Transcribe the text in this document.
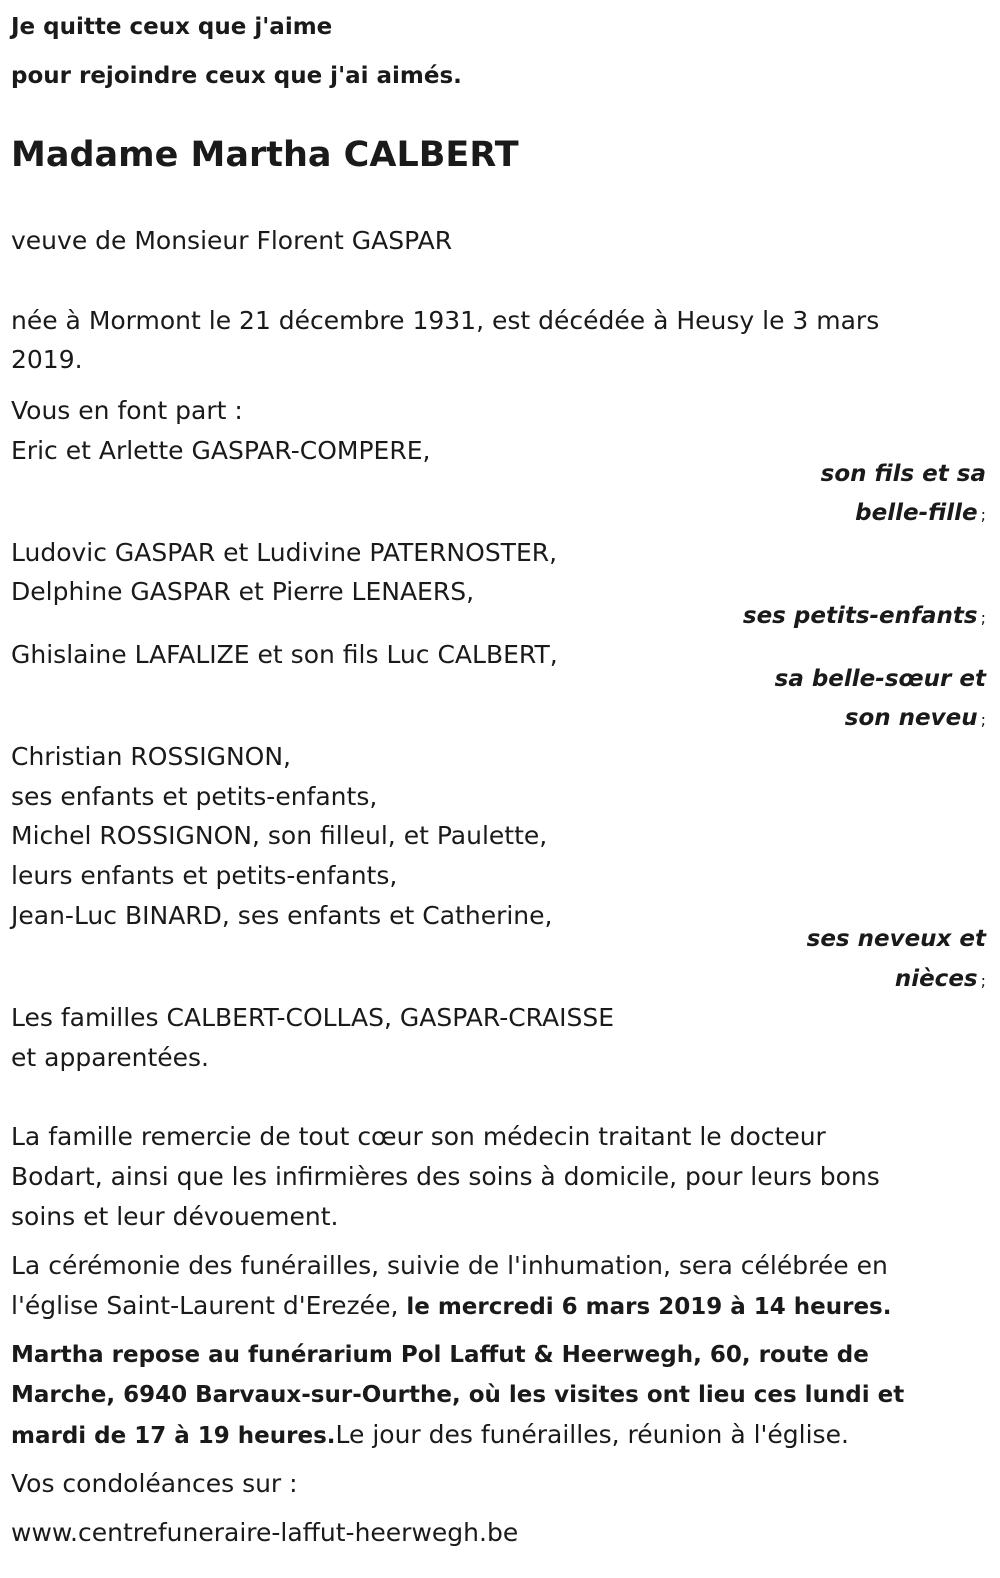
Je quitte ceux que j'aime
pour rejoindre ceux que j'ai aimés.
Madame Martha CALBERT
veuve de Monsieur Florent GASPAR
née à Mormont le 21 décembre 1931, est décédée à Heusy le 3 mars
2019.
Vous en font part :
Eric et Arlette GASPAR-COMPERE,
son fils et sa
belle-fille ;
Ludovic GASPAR et Ludivine PATERNOSTER,
Delphine GASPAR et Pierre LENAERS,
ses petits-enfants ;
Ghislaine LAFALIZE et son fils Luc CALBERT,
sa belle-sœur et
son neveu ;
Christian ROSSIGNON,
ses enfants et petits-enfants,
Michel ROSSIGNON, son filleul, et Paulette,
leurs enfants et petits-enfants,
Jean-Luc BINARD, ses enfants et Catherine,
ses neveux et
nièces ;
Les familles CALBERT-COLLAS, GASPAR-CRAISSE
et apparentées.
La famille remercie de tout cœur son médecin traitant le docteur
Bodart, ainsi que les infirmières des soins à domicile, pour leurs bons
soins et leur dévouement.
La cérémonie des funérailles, suivie de l'inhumation, sera célébrée en
l'église Saint-Laurent d'Erezée, le mercredi 6 mars 2019 à 14 heures.
Martha repose au funérarium Pol Laffut & Heerwegh, 60, route de
Marche, 6940 Barvaux-sur-Ourthe, où les visites ont lieu ces lundi et
mardi de 17 à 19 heures.Le jour des funérailles, réunion à l'église.
Vos condoléances sur :
www.centrefuneraire-laffut-heerwegh.be
